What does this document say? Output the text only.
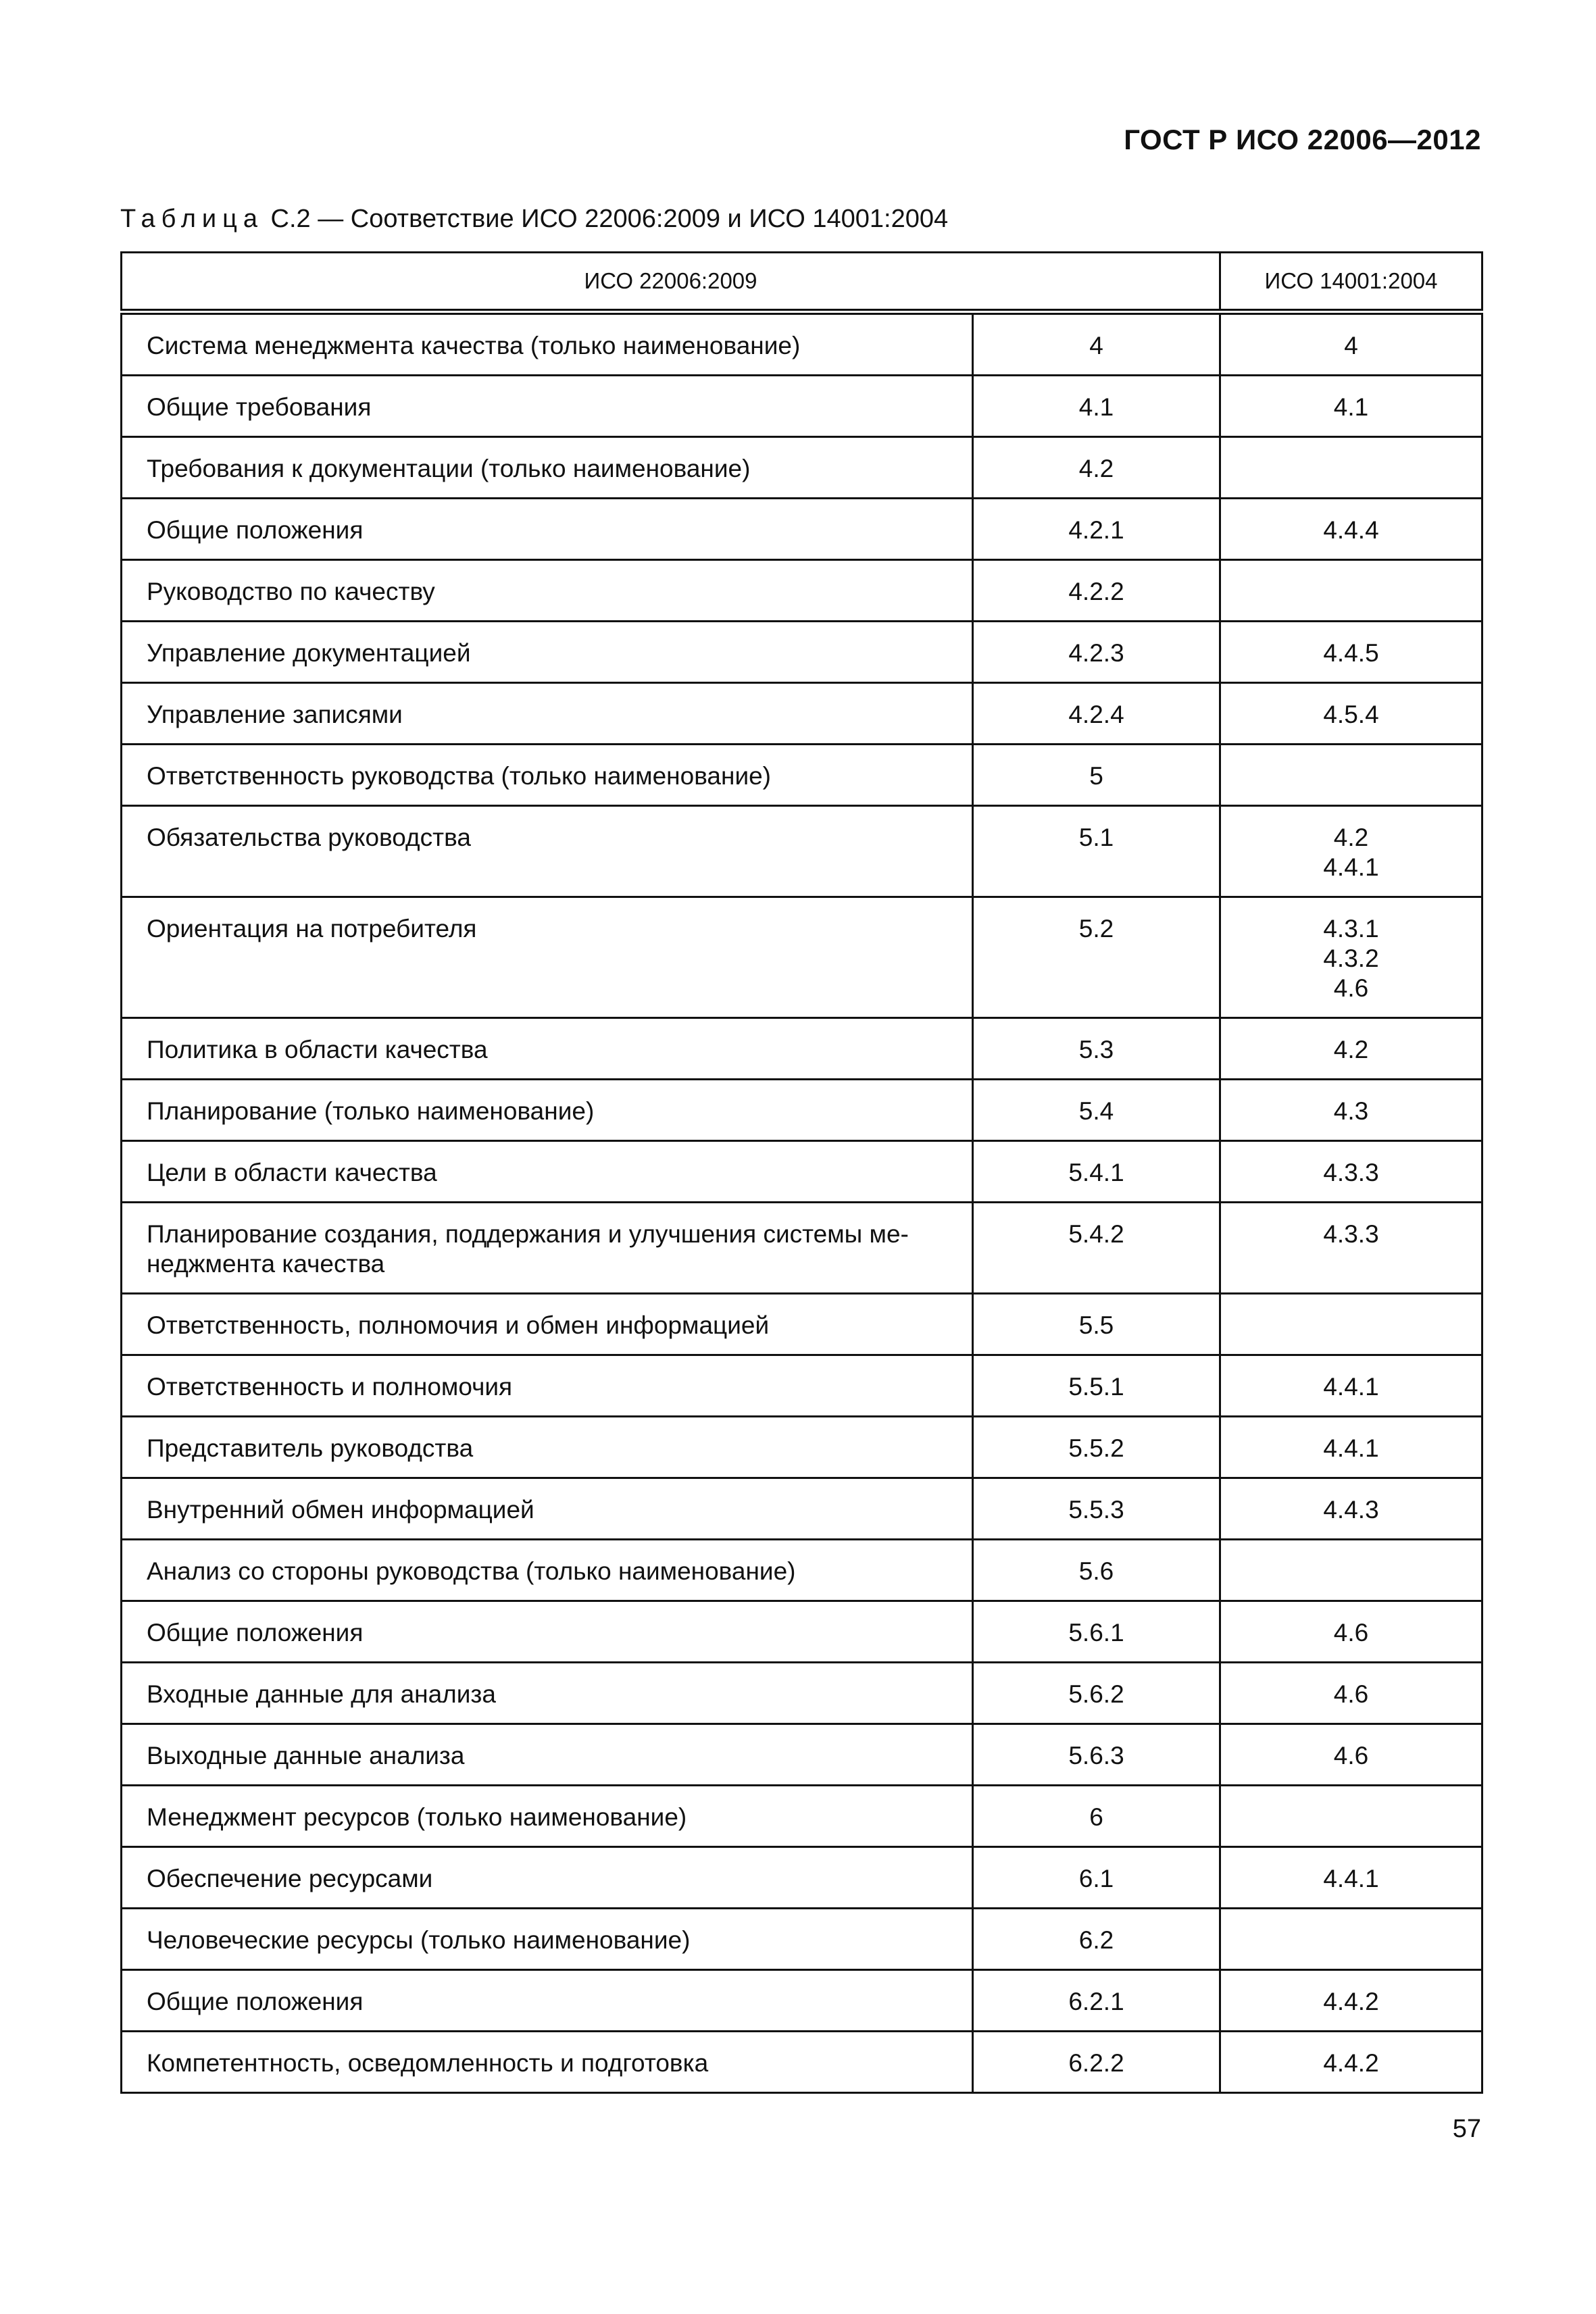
ГОСТ Р ИСО 22006—2012
Таблица С.2 — Соответствие ИСО 22006:2009 и ИСО 14001:2004
ИСО 22006:2009		ИСО 14001:2004
Система менеджмента качества (только наименование)	4	4
Общие требования	4.1	4.1
Требования к документации (только наименование)	4.2	
Общие положения	4.2.1	4.4.4
Руководство по качеству	4.2.2	
Управление документацией	4.2.3	4.4.5
Управление записями	4.2.4	4.5.4
Ответственность руководства (только наименование)	5	
Обязательства руководства	5.1	4.2
4.4.1
Ориентация на потребителя	5.2	4.3.1
4.3.2
4.6
Политика в области качества	5.3	4.2
Планирование (только наименование)	5.4	4.3
Цели в области качества	5.4.1	4.3.3
Планирование создания, поддержания и улучшения системы ме-
неджмента качества	5.4.2	4.3.3
Ответственность, полномочия и обмен информацией	5.5	
Ответственность и полномочия	5.5.1	4.4.1
Представитель руководства	5.5.2	4.4.1
Внутренний обмен информацией	5.5.3	4.4.3
Анализ со стороны руководства (только наименование)	5.6	
Общие положения	5.6.1	4.6
Входные данные для анализа	5.6.2	4.6
Выходные данные анализа	5.6.3	4.6
Менеджмент ресурсов (только наименование)	6	
Обеспечение ресурсами	6.1	4.4.1
Человеческие ресурсы (только наименование)	6.2	
Общие положения	6.2.1	4.4.2
Компетентность, осведомленность и подготовка	6.2.2	4.4.2
57
